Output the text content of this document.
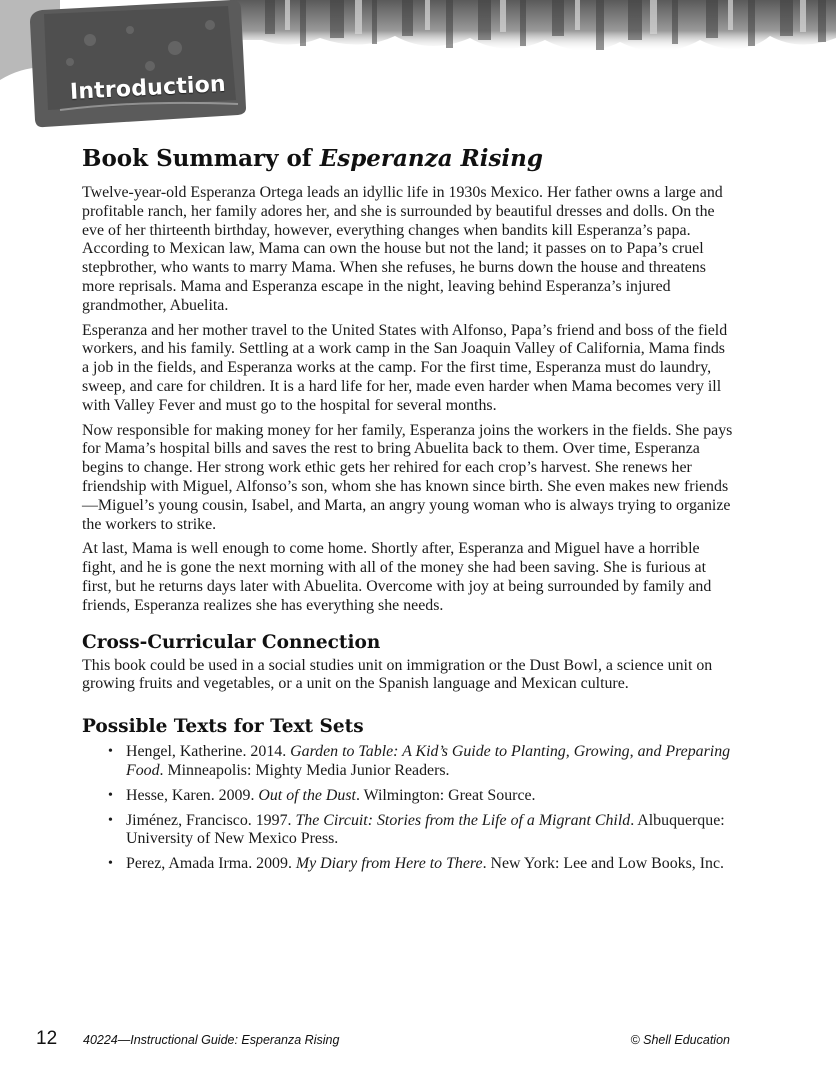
Introduction
Book Summary of Esperanza Rising

Twelve-year-old Esperanza Ortega leads an idyllic life in 1930s Mexico. Her father owns a large and profitable ranch, her family adores her, and she is surrounded by beautiful dresses and dolls. On the eve of her thirteenth birthday, however, everything changes when bandits kill Esperanza’s papa. According to Mexican law, Mama can own the house but not the land; it passes on to Papa’s cruel stepbrother, who wants to marry Mama. When she refuses, he burns down the house and threatens more reprisals. Mama and Esperanza escape in the night, leaving behind Esperanza’s injured grandmother, Abuelita.

Esperanza and her mother travel to the United States with Alfonso, Papa’s friend and boss of the field workers, and his family. Settling at a work camp in the San Joaquin Valley of California, Mama finds a job in the fields, and Esperanza works at the camp. For the first time, Esperanza must do laundry, sweep, and care for children. It is a hard life for her, made even harder when Mama becomes very ill with Valley Fever and must go to the hospital for several months.

Now responsible for making money for her family, Esperanza joins the workers in the fields. She pays for Mama’s hospital bills and saves the rest to bring Abuelita back to them. Over time, Esperanza begins to change. Her strong work ethic gets her rehired for each crop’s harvest. She renews her friendship with Miguel, Alfonso’s son, whom she has known since birth. She even makes new friends—Miguel’s young cousin, Isabel, and Marta, an angry young woman who is always trying to organize the workers to strike.

At last, Mama is well enough to come home. Shortly after, Esperanza and Miguel have a horrible fight, and he is gone the next morning with all of the money she had been saving. She is furious at first, but he returns days later with Abuelita. Overcome with joy at being surrounded by family and friends, Esperanza realizes she has everything she needs.

Cross-Curricular Connection

This book could be used in a social studies unit on immigration or the Dust Bowl, a science unit on growing fruits and vegetables, or a unit on the Spanish language and Mexican culture.

Possible Texts for Text Sets
• Hengel, Katherine. 2014. Garden to Table: A Kid’s Guide to Planting, Growing, and Preparing Food. Minneapolis: Mighty Media Junior Readers.
• Hesse, Karen. 2009. Out of the Dust. Wilmington: Great Source.
• Jiménez, Francisco. 1997. The Circuit: Stories from the Life of a Migrant Child. Albuquerque: University of New Mexico Press.
• Perez, Amada Irma. 2009. My Diary from Here to There. New York: Lee and Low Books, Inc.
12 40224—Instructional Guide: Esperanza Rising	© Shell Education
